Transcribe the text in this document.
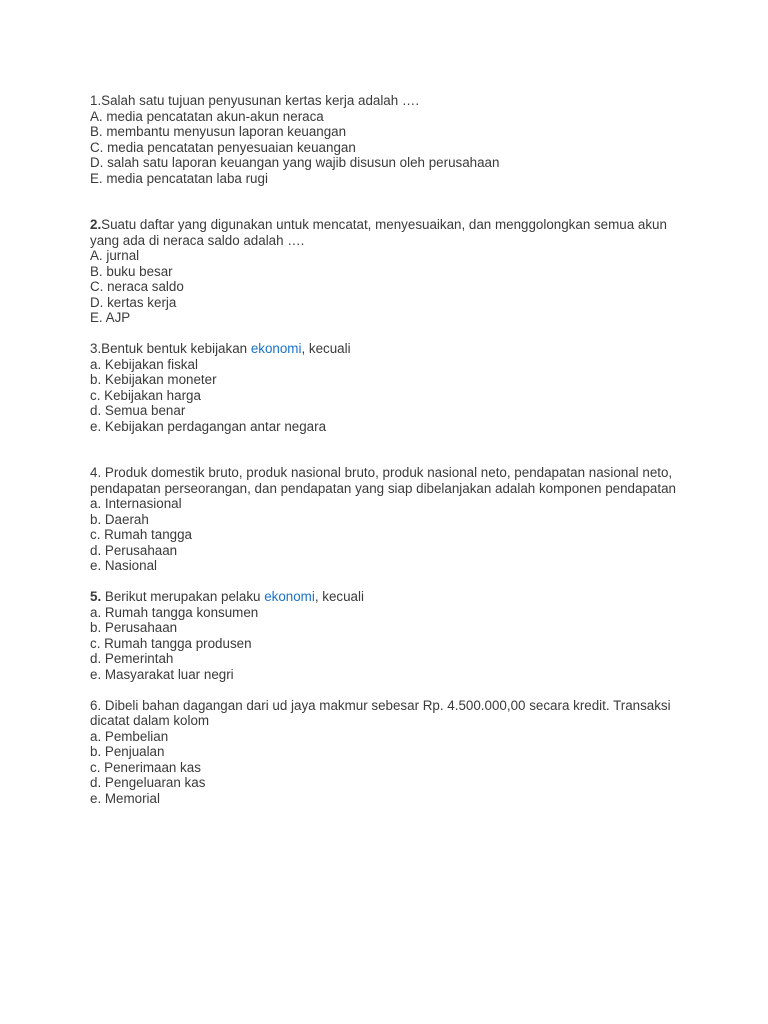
1.Salah satu tujuan penyusunan kertas kerja adalah ….

A. media pencatatan akun-akun neraca

B. membantu menyusun laporan keuangan

C. media pencatatan penyesuaian keuangan

D. salah satu laporan keuangan yang wajib disusun oleh perusahaan

E. media pencatatan laba rugi

2.Suatu daftar yang digunakan untuk mencatat, menyesuaikan, dan menggolongkan semua akun

yang ada di neraca saldo adalah ….

A. jurnal

B. buku besar

C. neraca saldo

D. kertas kerja

E. AJP

3.Bentuk bentuk kebijakan ekonomi, kecuali

a. Kebijakan fiskal

b. Kebijakan moneter

c. Kebijakan harga

d. Semua benar

e. Kebijakan perdagangan antar negara

4. Produk domestik bruto, produk nasional bruto, produk nasional neto, pendapatan nasional neto,

pendapatan perseorangan, dan pendapatan yang siap dibelanjakan adalah komponen pendapatan

a. Internasional

b. Daerah

c. Rumah tangga

d. Perusahaan

e. Nasional

5. Berikut merupakan pelaku ekonomi, kecuali

a. Rumah tangga konsumen

b. Perusahaan

c. Rumah tangga produsen

d. Pemerintah

e. Masyarakat luar negri

6. Dibeli bahan dagangan dari ud jaya makmur sebesar Rp. 4.500.000,00 secara kredit. Transaksi

dicatat dalam kolom

a. Pembelian

b. Penjualan

c. Penerimaan kas

d. Pengeluaran kas

e. Memorial
